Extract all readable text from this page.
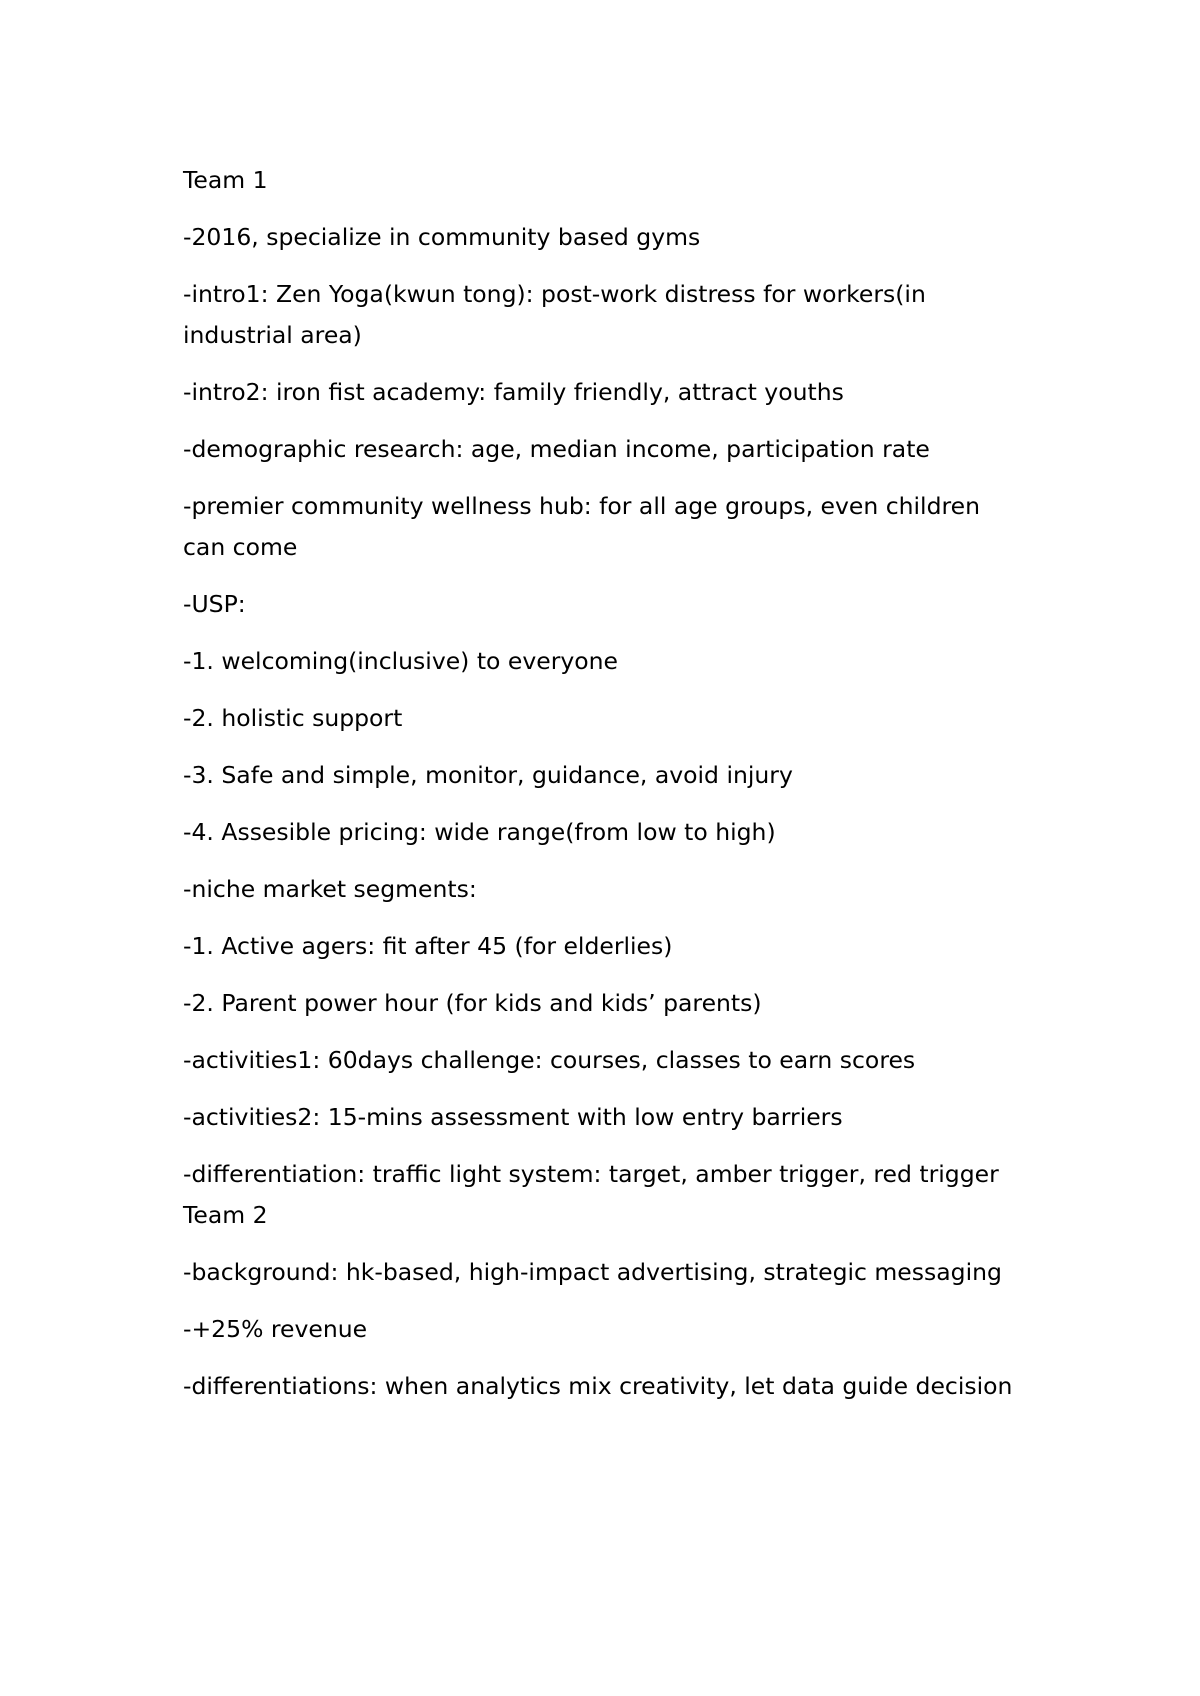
Team 1

-2016, specialize in community based gyms

-intro1: Zen Yoga(kwun tong): post-work distress for workers(in industrial area)

-intro2: iron fist academy: family friendly, attract youths

-demographic research: age, median income, participation rate

-premier community wellness hub: for all age groups, even children can come

-USP:

-1. welcoming(inclusive) to everyone

-2. holistic support

-3. Safe and simple, monitor, guidance, avoid injury

-4. Assesible pricing: wide range(from low to high)

-niche market segments:

-1. Active agers: fit after 45 (for elderlies)

-2. Parent power hour (for kids and kids’ parents)

-activities1: 60days challenge: courses, classes to earn scores

-activities2: 15-mins assessment with low entry barriers

-differentiation: traffic light system: target, amber trigger, red trigger

Team 2

-background: hk-based, high-impact advertising, strategic messaging

-+25% revenue

-differentiations: when analytics mix creativity, let data guide decision
